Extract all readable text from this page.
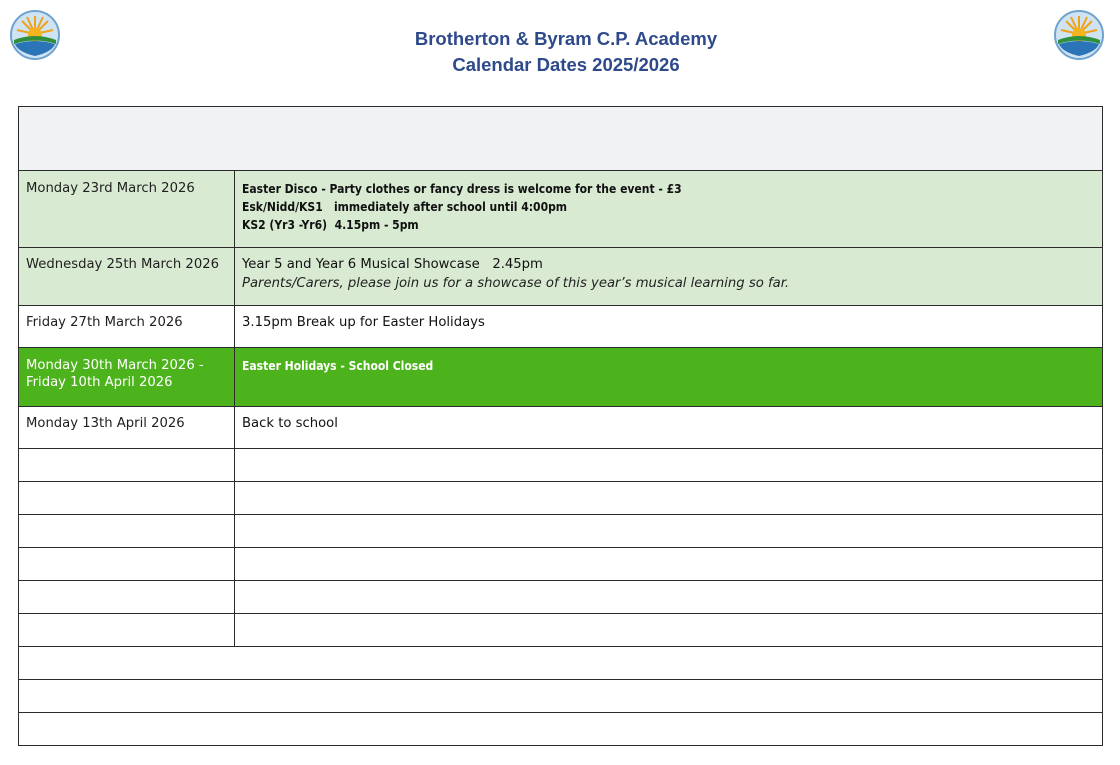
Brotherton & Byram C.P. Academy
Calendar Dates 2025/2026

Monday 23rd March 2026	Easter Disco - Party clothes or fancy dress is welcome for the event - £3
Esk/Nidd/KS1   immediately after school until 4:00pm
KS2 (Yr3 -Yr6)  4.15pm - 5pm

Wednesday 25th March 2026	Year 5 and Year 6 Musical Showcase   2.45pm
Parents/Carers, please join us for a showcase of this year’s musical learning so far.

Friday 27th March 2026	3.15pm Break up for Easter Holidays

Monday 30th March 2026 -
Friday 10th April 2026	Easter Holidays - School Closed

Monday 13th April 2026	Back to school
